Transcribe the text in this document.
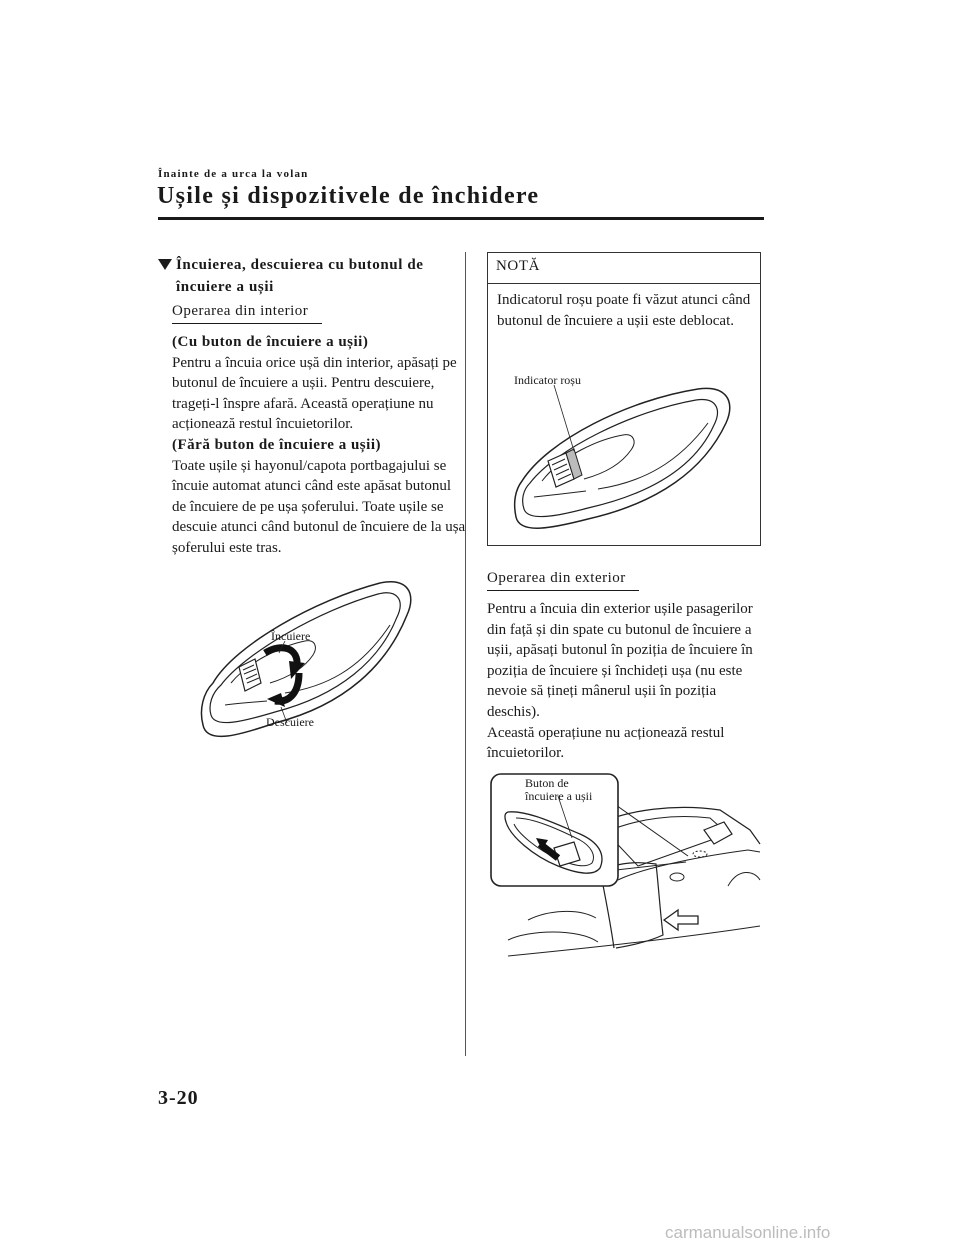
Înainte de a urca la volan
Ușile și dispozitivele de închidere
Încuierea, descuierea cu butonul de încuiere a ușii
Operarea din interior

(Cu buton de încuiere a ușii)

Pentru a încuia orice ușă din interior, apăsați pe butonul de încuiere a ușii. Pentru descuiere, trageți-l înspre afară. Această operațiune nu acționează restul încuietorilor.

(Fără buton de încuiere a ușii)

Toate ușile și hayonul/capota portbagajului se încuie automat atunci când este apăsat butonul de încuiere de pe ușa șoferului. Toate ușile se descuie atunci când butonul de încuiere de la ușa șoferului este tras.

Încuiere
Descuiere
NOTĂ
Indicatorul roșu poate fi văzut atunci când butonul de încuiere a ușii este deblocat.
Indicator roșu
Operarea din exterior

Pentru a încuia din exterior ușile pasagerilor din față și din spate cu butonul de încuiere a ușii, apăsați butonul în poziția de încuiere în poziția de încuiere și închideți ușa (nu este nevoie să țineți mânerul ușii în poziția deschis).

Această operațiune nu acționează restul încuietorilor.

Buton de
încuiere a ușii
3-20
carmanualsonline.info
